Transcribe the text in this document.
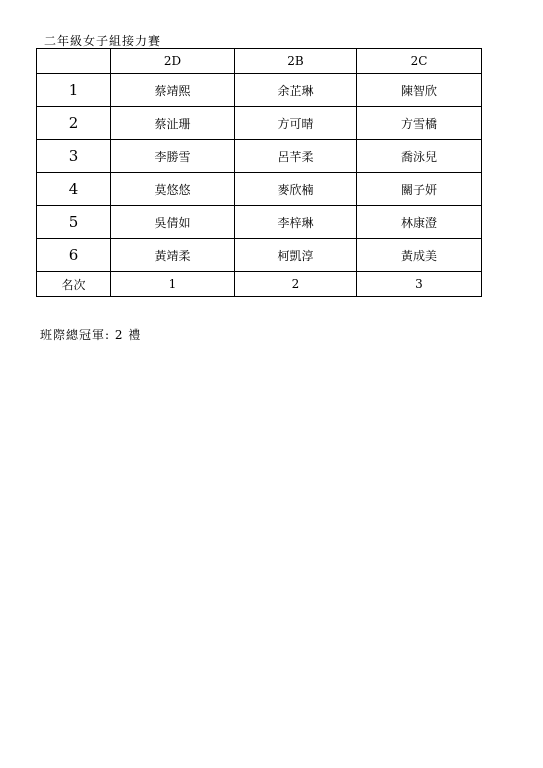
二年級女子組接力賽
	2D	2B	2C
1	蔡靖熙	余芷琳	陳智欣
2	蔡沚珊	方可晴	方雪橋
3	李勝雪	呂芊柔	喬泳兒
4	莫悠悠	麥欣楠	關子妍
5	吳倩如	李梓琳	林康澄
6	黃靖柔	柯凱淳	黃成美
名次	1	2	3
班際總冠軍: 2 禮
